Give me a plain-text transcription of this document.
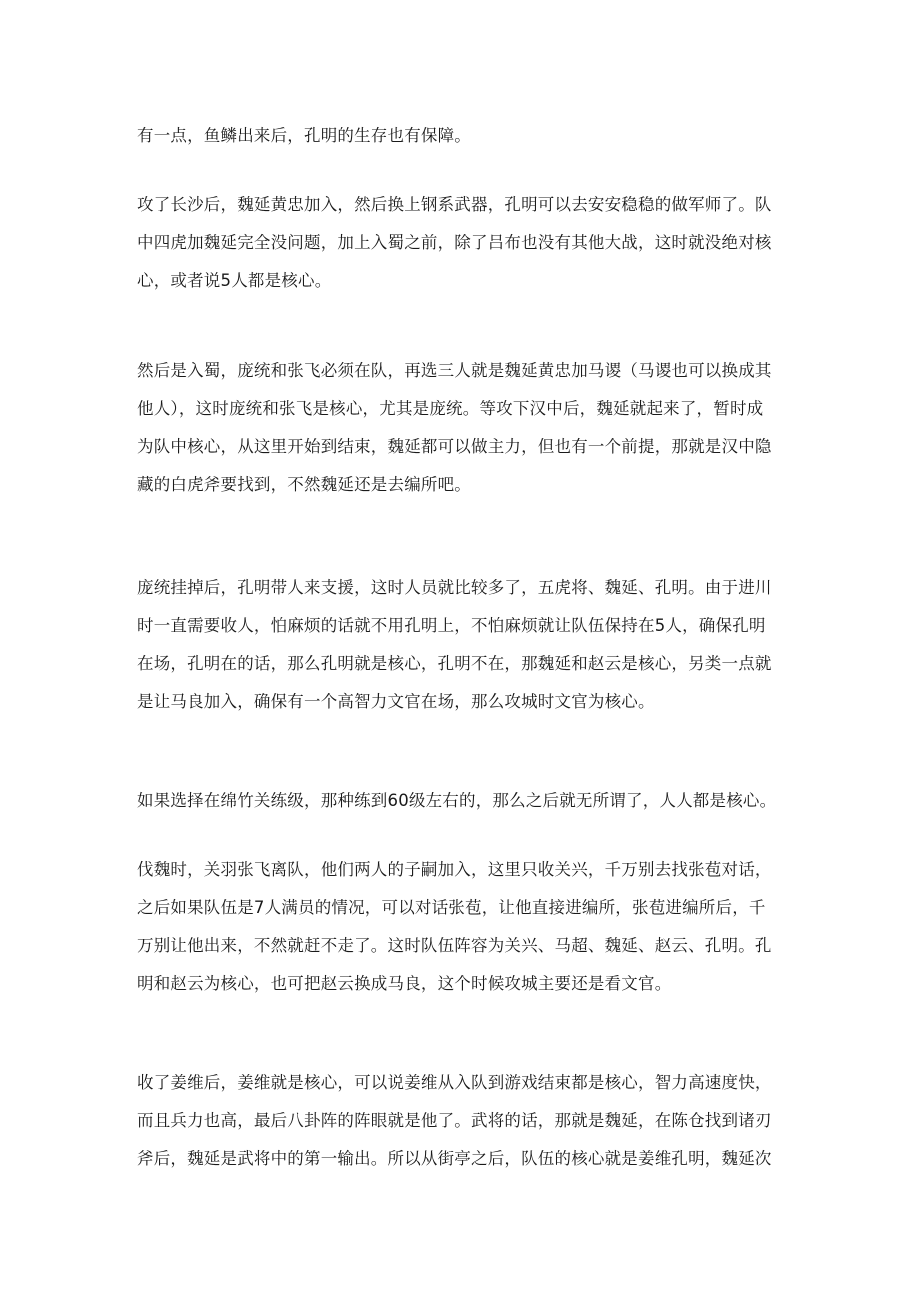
有一点，鱼鳞出来后，孔明的生存也有保障。

攻了长沙后，魏延黄忠加入，然后换上钢系武器，孔明可以去安安稳稳的做军师了。队
中四虎加魏延完全没问题，加上入蜀之前，除了吕布也没有其他大战，这时就没绝对核
心，或者说5人都是核心。

然后是入蜀，庞统和张飞必须在队，再选三人就是魏延黄忠加马谡（马谡也可以换成其
他人），这时庞统和张飞是核心，尤其是庞统。等攻下汉中后，魏延就起来了，暂时成
为队中核心，从这里开始到结束，魏延都可以做主力，但也有一个前提，那就是汉中隐
藏的白虎斧要找到，不然魏延还是去编所吧。

庞统挂掉后，孔明带人来支援，这时人员就比较多了，五虎将、魏延、孔明。由于进川
时一直需要收人，怕麻烦的话就不用孔明上，不怕麻烦就让队伍保持在5人，确保孔明
在场，孔明在的话，那么孔明就是核心，孔明不在，那魏延和赵云是核心，另类一点就
是让马良加入，确保有一个高智力文官在场，那么攻城时文官为核心。

如果选择在绵竹关练级，那种练到60级左右的，那么之后就无所谓了，人人都是核心。

伐魏时，关羽张飞离队，他们两人的子嗣加入，这里只收关兴，千万别去找张苞对话，
之后如果队伍是7人满员的情况，可以对话张苞，让他直接进编所，张苞进编所后，千
万别让他出来，不然就赶不走了。这时队伍阵容为关兴、马超、魏延、赵云、孔明。孔
明和赵云为核心，也可把赵云换成马良，这个时候攻城主要还是看文官。

收了姜维后，姜维就是核心，可以说姜维从入队到游戏结束都是核心，智力高速度快，
而且兵力也高，最后八卦阵的阵眼就是他了。武将的话，那就是魏延，在陈仓找到诸刃
斧后，魏延是武将中的第一输出。所以从街亭之后，队伍的核心就是姜维孔明，魏延次
